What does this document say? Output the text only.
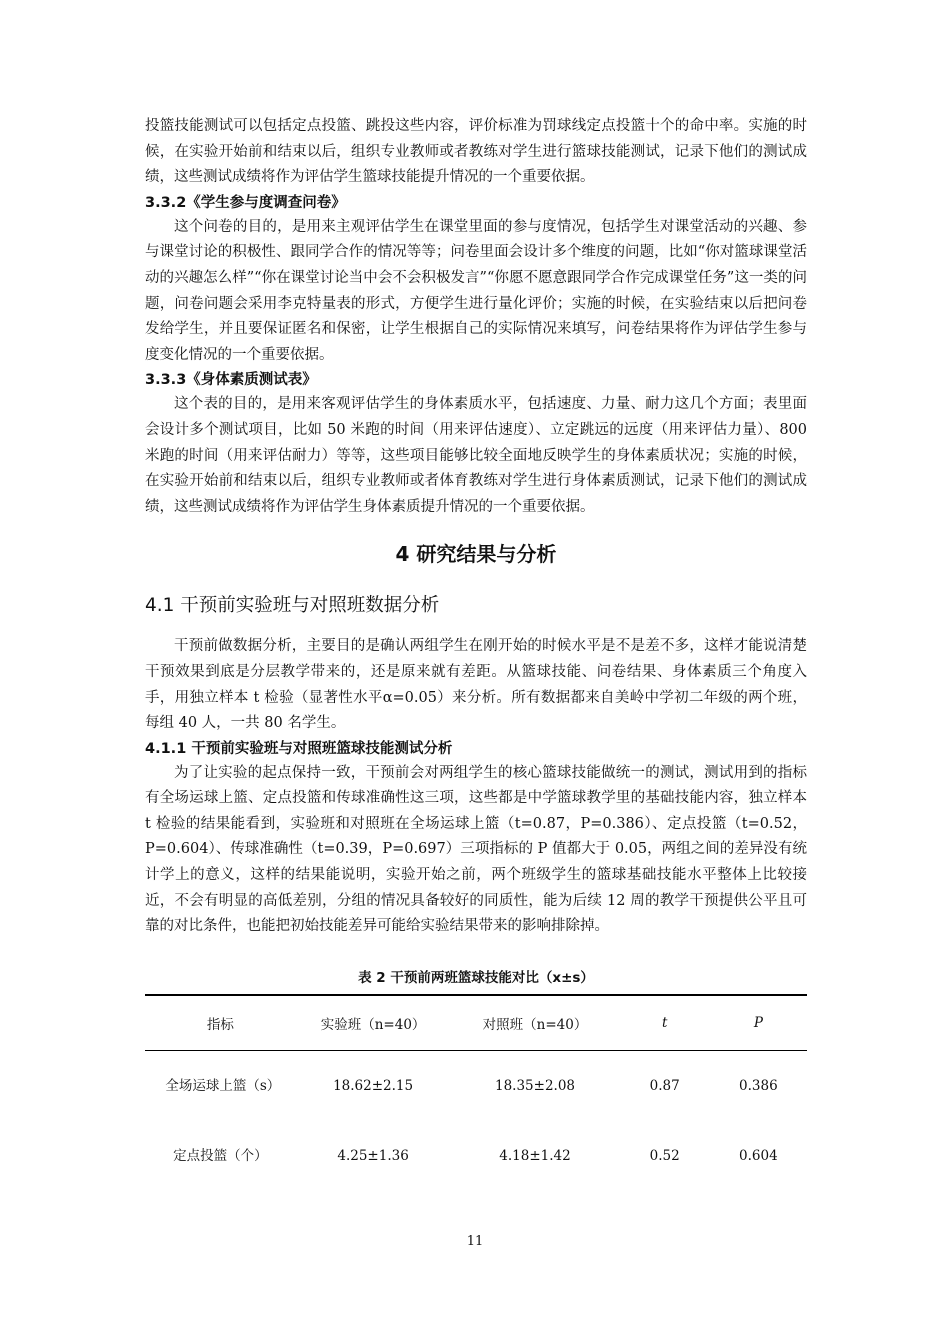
投篮技能测试可以包括定点投篮、跳投这些内容，评价标准为罚球线定点投篮十个的命中率。实施的时候，在实验开始前和结束以后，组织专业教师或者教练对学生进行篮球技能测试，记录下他们的测试成绩，这些测试成绩将作为评估学生篮球技能提升情况的一个重要依据。

3.3.2《学生参与度调查问卷》

这个问卷的目的，是用来主观评估学生在课堂里面的参与度情况，包括学生对课堂活动的兴趣、参与课堂讨论的积极性、跟同学合作的情况等等；问卷里面会设计多个维度的问题，比如“你对篮球课堂活动的兴趣怎么样”“你在课堂讨论当中会不会积极发言”“你愿不愿意跟同学合作完成课堂任务”这一类的问题，问卷问题会采用李克特量表的形式，方便学生进行量化评价；实施的时候，在实验结束以后把问卷发给学生，并且要保证匿名和保密，让学生根据自己的实际情况来填写，问卷结果将作为评估学生参与度变化情况的一个重要依据。

3.3.3《身体素质测试表》

这个表的目的，是用来客观评估学生的身体素质水平，包括速度、力量、耐力这几个方面；表里面会设计多个测试项目，比如 50 米跑的时间（用来评估速度）、立定跳远的远度（用来评估力量）、800 米跑的时间（用来评估耐力）等等，这些项目能够比较全面地反映学生的身体素质状况；实施的时候，在实验开始前和结束以后，组织专业教师或者体育教练对学生进行身体素质测试，记录下他们的测试成绩，这些测试成绩将作为评估学生身体素质提升情况的一个重要依据。

4 研究结果与分析
4.1 干预前实验班与对照班数据分析

干预前做数据分析，主要目的是确认两组学生在刚开始的时候水平是不是差不多，这样才能说清楚干预效果到底是分层教学带来的，还是原来就有差距。从篮球技能、问卷结果、身体素质三个角度入手，用独立样本 t 检验（显著性水平α=0.05）来分析。所有数据都来自美岭中学初二年级的两个班，每组 40 人，一共 80 名学生。

4.1.1 干预前实验班与对照班篮球技能测试分析

为了让实验的起点保持一致，干预前会对两组学生的核心篮球技能做统一的测试，测试用到的指标有全场运球上篮、定点投篮和传球准确性这三项，这些都是中学篮球教学里的基础技能内容，独立样本 t 检验的结果能看到，实验班和对照班在全场运球上篮（t=0.87，P=0.386）、定点投篮（t=0.52，P=0.604）、传球准确性（t=0.39，P=0.697）三项指标的 P 值都大于 0.05，两组之间的差异没有统计学上的意义，这样的结果能说明，实验开始之前，两个班级学生的篮球基础技能水平整体上比较接近，不会有明显的高低差别，分组的情况具备较好的同质性，能为后续 12 周的教学干预提供公平且可靠的对比条件，也能把初始技能差异可能给实验结果带来的影响排除掉。

表 2 干预前两班篮球技能对比（x±s）
指标	实验班（n=40）	对照班（n=40）	t	P
全场运球上篮（s）	18.62±2.15	18.35±2.08	0.87	0.386
定点投篮（个）	4.25±1.36	4.18±1.42	0.52	0.604
11
